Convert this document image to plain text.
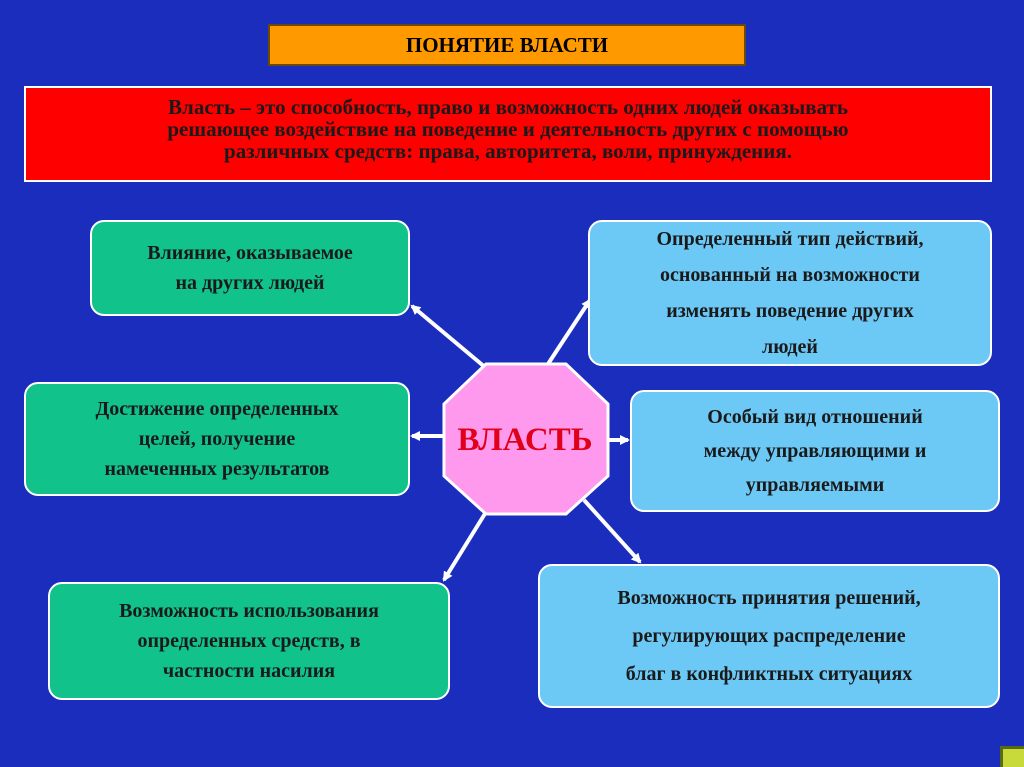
ПОНЯТИЕ ВЛАСТИ
Власть – это способность, право и возможность одних людей оказывать
решающее воздействие на поведение и деятельность других с помощью
различных средств: права, авторитета, воли, принуждения.
ВЛАСТЬ
Влияние, оказываемое
на других людей
Определенный тип действий,
основанный на возможности
изменять поведение других
людей
Достижение определенных
целей, получение
намеченных результатов
Особый вид отношений
между управляющими и
управляемыми
Возможность использования
определенных средств, в
частности насилия
Возможность принятия решений,
регулирующих распределение
благ в конфликтных ситуациях
